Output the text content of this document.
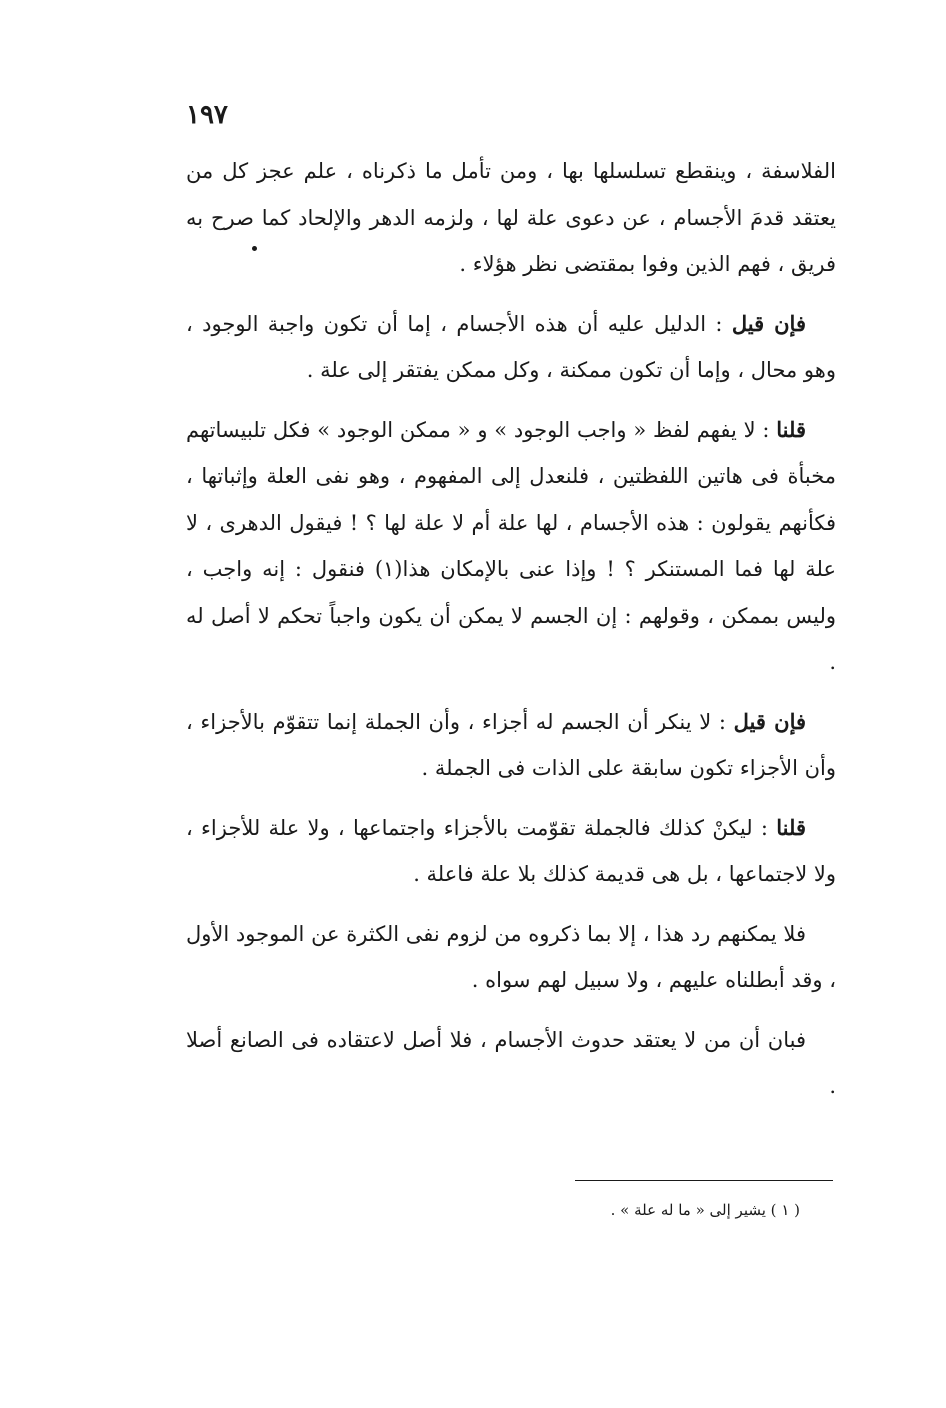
١٩٧

الفلاسفة ، وينقطع تسلسلها بها ، ومن تأمل ما ذكرناه ، علم عجز كل من يعتقد قدمَ الأجسام ، عن دعوى علة لها ، ولزمه الدهر والإلحاد كما صرح به فريق ، فهم الذين وفوا بمقتضى نظر هؤلاء .

فإن قيل : الدليل عليه أن هذه الأجسام ، إما أن تكون واجبة الوجود ، وهو محال ، وإما أن تكون ممكنة ، وكل ممكن يفتقر إلى علة .

قلنا : لا يفهم لفظ « واجب الوجود » و « ممكن الوجود » فكل تلبيساتهم مخبأة فى هاتين اللفظتين ، فلنعدل إلى المفهوم ، وهو نفى العلة وإثباتها ، فكأنهم يقولون : هذه الأجسام ، لها علة أم لا علة لها ؟ ! فيقول الدهرى ، لا علة لها فما المستنكر ؟ ! وإذا عنى بالإمكان هذا(١) فنقول : إنه واجب ، وليس بممكن ، وقولهم : إن الجسم لا يمكن أن يكون واجباً تحكم لا أصل له .

فإن قيل : لا ينكر أن الجسم له أجزاء ، وأن الجملة إنما تتقوّم بالأجزاء ، وأن الأجزاء تكون سابقة على الذات فى الجملة .

قلنا : ليكنْ كذلك فالجملة تقوّمت بالأجزاء واجتماعها ، ولا علة للأجزاء ، ولا لاجتماعها ، بل هى قديمة كذلك بلا علة فاعلة .

فلا يمكنهم رد هذا ، إلا بما ذكروه من لزوم نفى الكثرة عن الموجود الأول ، وقد أبطلناه عليهم ، ولا سبيل لهم سواه .

فبان أن من لا يعتقد حدوث الأجسام ، فلا أصل لاعتقاده فى الصانع أصلا .

( ١ ) يشير إلى « ما له علة » .
